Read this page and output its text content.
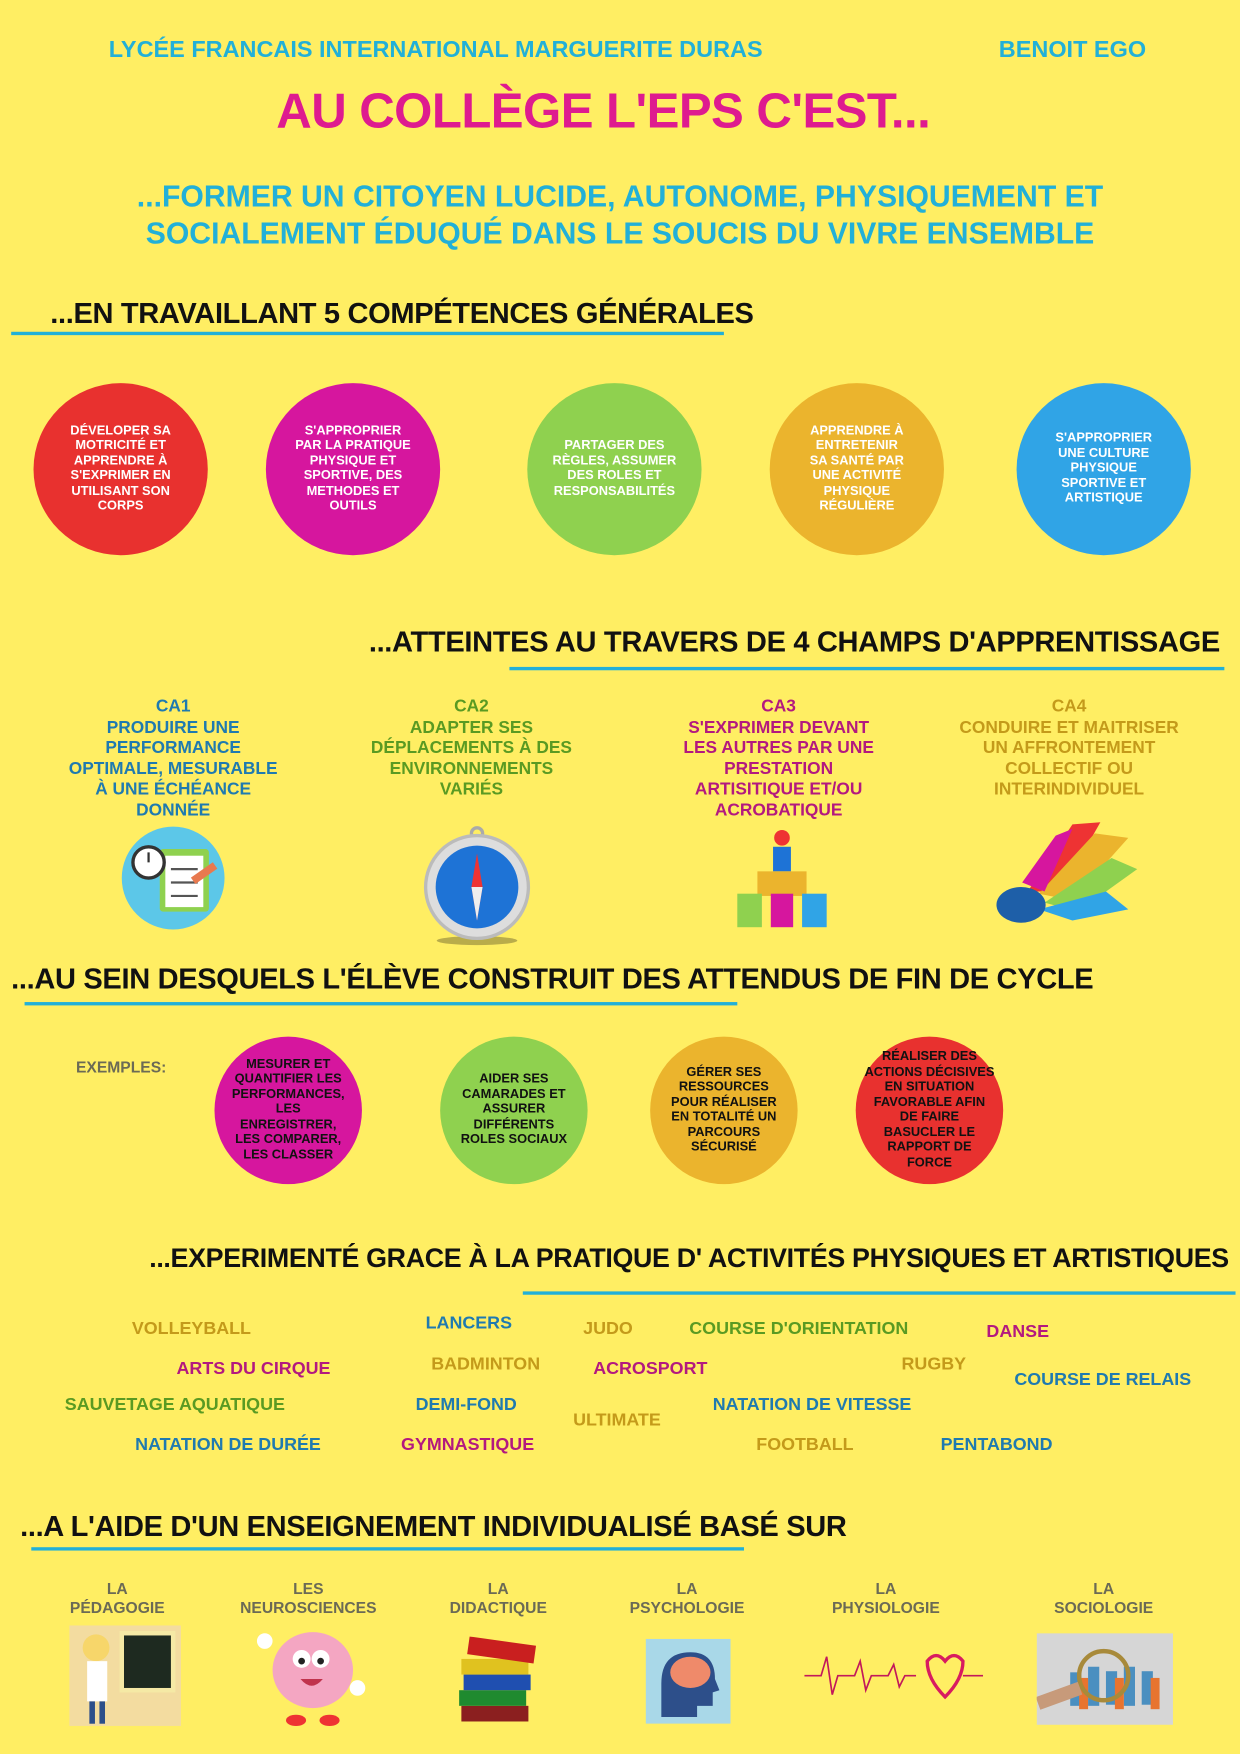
LYCÉE FRANCAIS INTERNATIONAL MARGUERITE DURAS	BENOIT EGO
AU COLLÈGE L'EPS C'EST...
...FORMER UN CITOYEN LUCIDE, AUTONOME, PHYSIQUEMENT ET
SOCIALEMENT ÉDUQUÉ DANS LE SOUCIS DU VIVRE ENSEMBLE
...EN TRAVAILLANT 5 COMPÉTENCES GÉNÉRALES
DÉVELOPER SA
MOTRICITÉ ET
APPRENDRE À
S'EXPRIMER EN
UTILISANT SON
CORPS
S'APPROPRIER
PAR LA PRATIQUE
PHYSIQUE ET
SPORTIVE, DES
METHODES ET
OUTILS
PARTAGER DES
RÈGLES, ASSUMER
DES ROLES ET
RESPONSABILITÉS
APPRENDRE À
ENTRETENIR
SA SANTÉ PAR
UNE ACTIVITÉ
PHYSIQUE
RÉGULIÈRE
S'APPROPRIER
UNE CULTURE
PHYSIQUE
SPORTIVE ET
ARTISTIQUE
...ATTEINTES AU TRAVERS DE 4 CHAMPS D'APPRENTISSAGE
CA1
PRODUIRE UNE
PERFORMANCE
OPTIMALE, MESURABLE
À UNE ÉCHÉANCE
DONNÉE
CA2
ADAPTER SES
DÉPLACEMENTS À DES
ENVIRONNEMENTS
VARIÉS
CA3
S'EXPRIMER DEVANT
LES AUTRES PAR UNE
PRESTATION
ARTISITIQUE ET/OU
ACROBATIQUE
CA4
CONDUIRE ET MAITRISER
UN AFFRONTEMENT
COLLECTIF OU
INTERINDIVIDUEL
...AU SEIN DESQUELS L'ÉLÈVE CONSTRUIT DES ATTENDUS DE FIN DE CYCLE
EXEMPLES:	MESURER ET
QUANTIFIER LES
PERFORMANCES,
LES
ENREGISTRER,
LES COMPARER,
LES CLASSER
AIDER SES
CAMARADES ET
ASSURER
DIFFÉRENTS
ROLES SOCIAUX
GÉRER SES
RESSOURCES
POUR RÉALISER
EN TOTALITÉ UN
PARCOURS
SÉCURISÉ
RÉALISER DES
ACTIONS DÉCISIVES
EN SITUATION
FAVORABLE AFIN
DE FAIRE
BASUCLER LE
RAPPORT DE
FORCE
...EXPERIMENTÉ GRACE À LA PRATIQUE D' ACTIVITÉS PHYSIQUES ET ARTISTIQUES
VOLLEYBALL	LANCERS	JUDO	COURSE D'ORIENTATION	DANSE
ARTS DU CIRQUE	BADMINTON	ACROSPORT	RUGBY
COURSE DE RELAIS
SAUVETAGE AQUATIQUE	DEMI-FOND
ULTIMATE
NATATION DE VITESSE
NATATION DE DURÉE	GYMNASTIQUE	FOOTBALL	PENTABOND
...A L'AIDE D'UN ENSEIGNEMENT INDIVIDUALISÉ BASÉ SUR
LA
PÉDAGOGIE
LES
NEUROSCIENCES
LA
DIDACTIQUE
LA
PSYCHOLOGIE
LA
PHYSIOLOGIE
LA
SOCIOLOGIE
